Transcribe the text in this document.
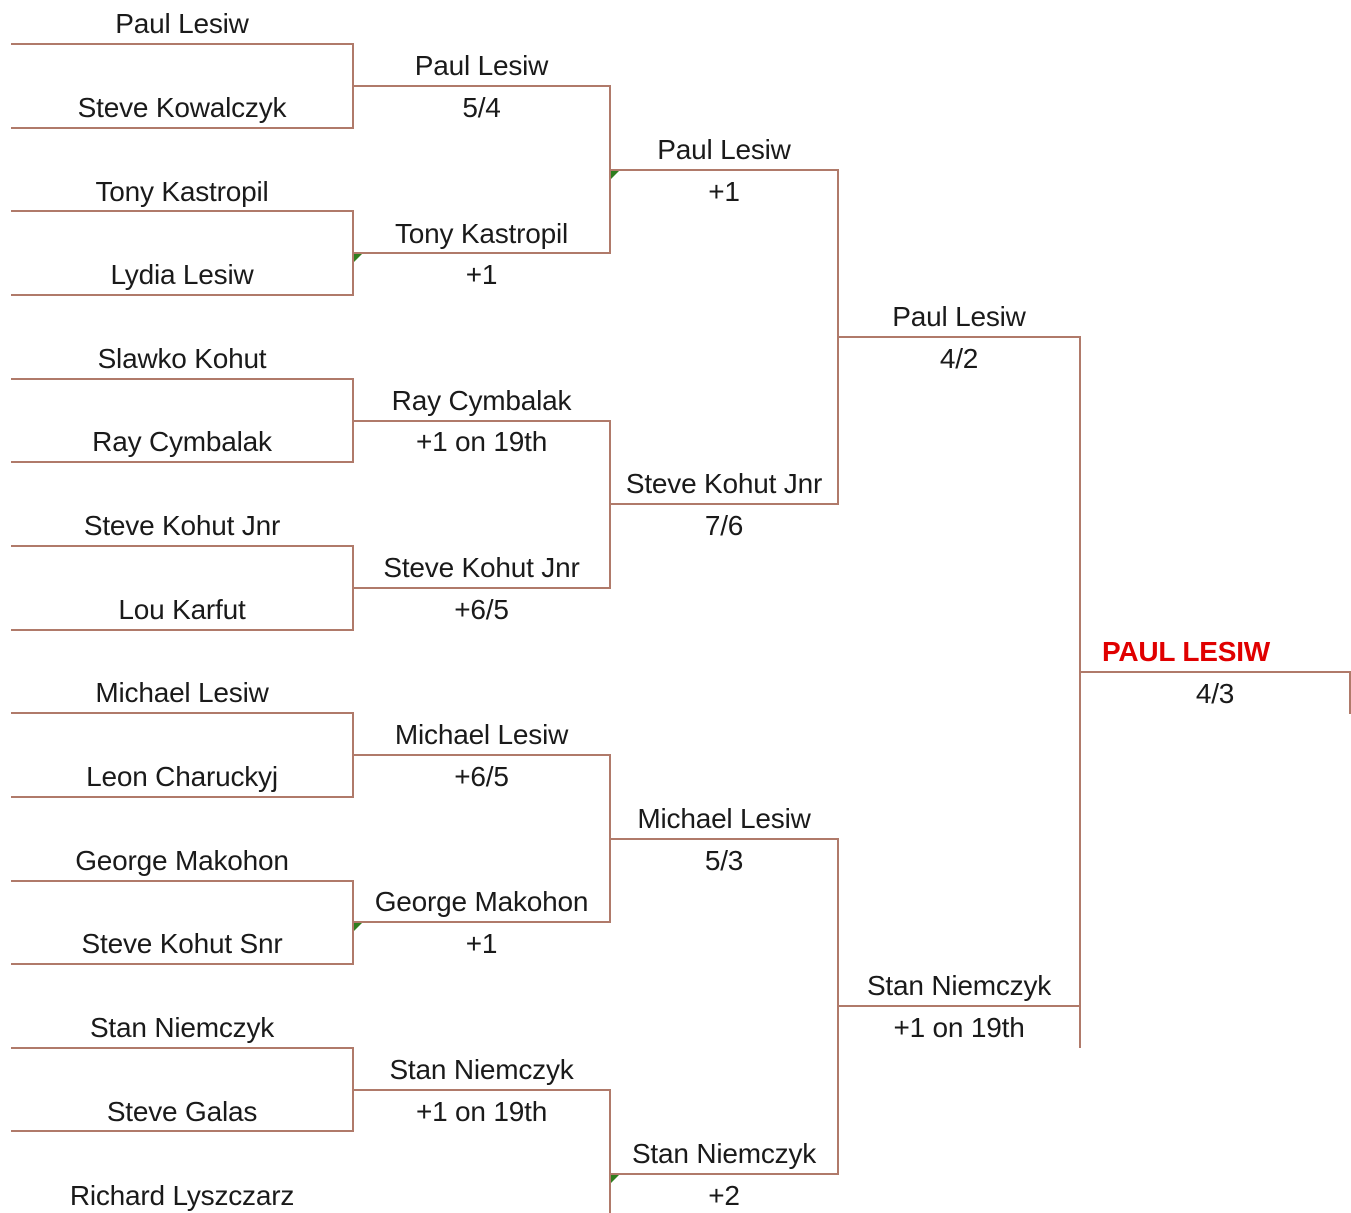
Paul Lesiw
Steve Kowalczyk
Tony Kastropil
Lydia Lesiw
Slawko Kohut
Ray Cymbalak
Steve Kohut Jnr
Lou Karfut
Michael Lesiw
Leon Charuckyj
George Makohon
Steve Kohut Snr
Stan Niemczyk
Steve Galas
Richard Lyszczarz
Paul Lesiw
5/4
Tony Kastropil
+1
Ray Cymbalak
+1 on 19th
Steve Kohut Jnr
+6/5
Michael Lesiw
+6/5
George Makohon
+1
Stan Niemczyk
+1 on 19th
Paul Lesiw
+1
Steve Kohut Jnr
7/6
Michael Lesiw
5/3
Stan Niemczyk
+2
Paul Lesiw
4/2
Stan Niemczyk
+1 on 19th
PAUL LESIW
4/3
